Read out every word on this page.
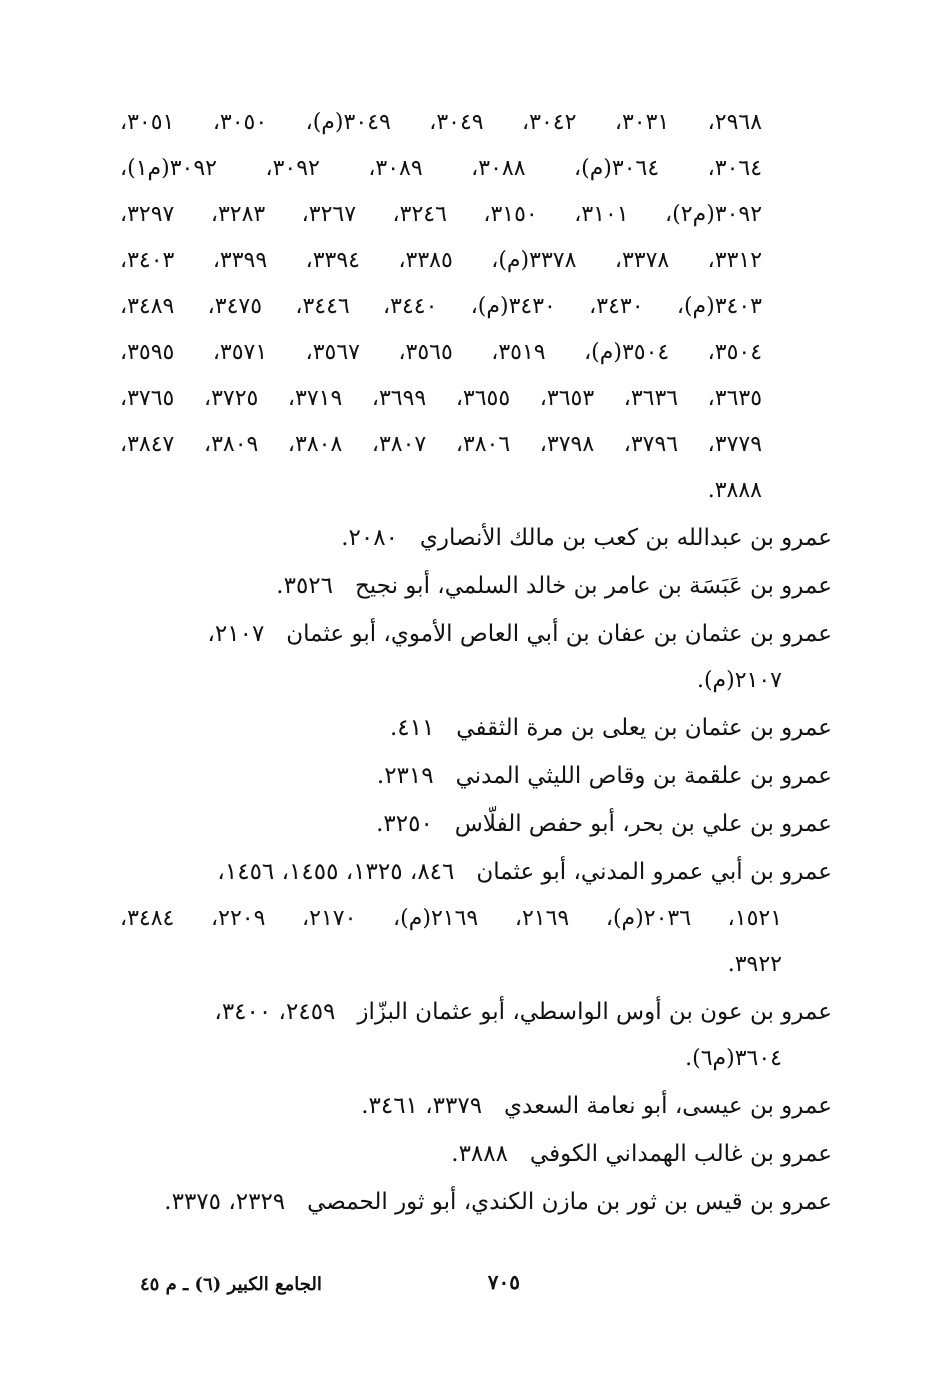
٢٩٦٨، ٣٠٣١، ٣٠٤٢، ٣٠٤٩، ٣٠٤٩(م)، ٣٠٥٠، ٣٠٥١،
٣٠٦٤، ٣٠٦٤(م)، ٣٠٨٨، ٣٠٨٩، ٣٠٩٢، ٣٠٩٢(م١)،
٣٠٩٢(م٢)، ٣١٠١، ٣١٥٠، ٣٢٤٦، ٣٢٦٧، ٣٢٨٣، ٣٢٩٧،
٣٣١٢، ٣٣٧٨، ٣٣٧٨(م)، ٣٣٨٥، ٣٣٩٤، ٣٣٩٩، ٣٤٠٣،
٣٤٠٣(م)، ٣٤٣٠، ٣٤٣٠(م)، ٣٤٤٠، ٣٤٤٦، ٣٤٧٥، ٣٤٨٩،
٣٥٠٤، ٣٥٠٤(م)، ٣٥١٩، ٣٥٦٥، ٣٥٦٧، ٣٥٧١، ٣٥٩٥،
٣٦٣٥، ٣٦٣٦، ٣٦٥٣، ٣٦٥٥، ٣٦٩٩، ٣٧١٩، ٣٧٢٥، ٣٧٦٥،
٣٧٧٩، ٣٧٩٦، ٣٧٩٨، ٣٨٠٦، ٣٨٠٧، ٣٨٠٨، ٣٨٠٩، ٣٨٤٧،
٣٨٨٨.
عمرو بن عبدالله بن كعب بن مالك الأنصاري   ٢٠٨٠.
عمرو بن عَبَسَة بن عامر بن خالد السلمي، أبو نجيح   ٣٥٢٦.
عمرو بن عثمان بن عفان بن أبي العاص الأموي، أبو عثمان   ٢١٠٧،
٢١٠٧(م).
عمرو بن عثمان بن يعلى بن مرة الثقفي   ٤١١.
عمرو بن علقمة بن وقاص الليثي المدني   ٢٣١٩.
عمرو بن علي بن بحر، أبو حفص الفلّاس   ٣٢٥٠.
عمرو بن أبي عمرو المدني، أبو عثمان   ٨٤٦، ١٣٢٥، ١٤٥٥، ١٤٥٦،
١٥٢١، ٢٠٣٦(م)، ٢١٦٩، ٢١٦٩(م)، ٢١٧٠، ٢٢٠٩، ٣٤٨٤،
٣٩٢٢.
عمرو بن عون بن أوس الواسطي، أبو عثمان البزّاز   ٢٤٥٩، ٣٤٠٠،
٣٦٠٤(م٦).
عمرو بن عيسى، أبو نعامة السعدي   ٣٣٧٩، ٣٤٦١.
عمرو بن غالب الهمداني الكوفي   ٣٨٨٨.
عمرو بن قيس بن ثور بن مازن الكندي، أبو ثور الحمصي   ٢٣٢٩، ٣٣٧٥.
٧٠٥
الجامع الكبير (٦) ـ م ٤٥
